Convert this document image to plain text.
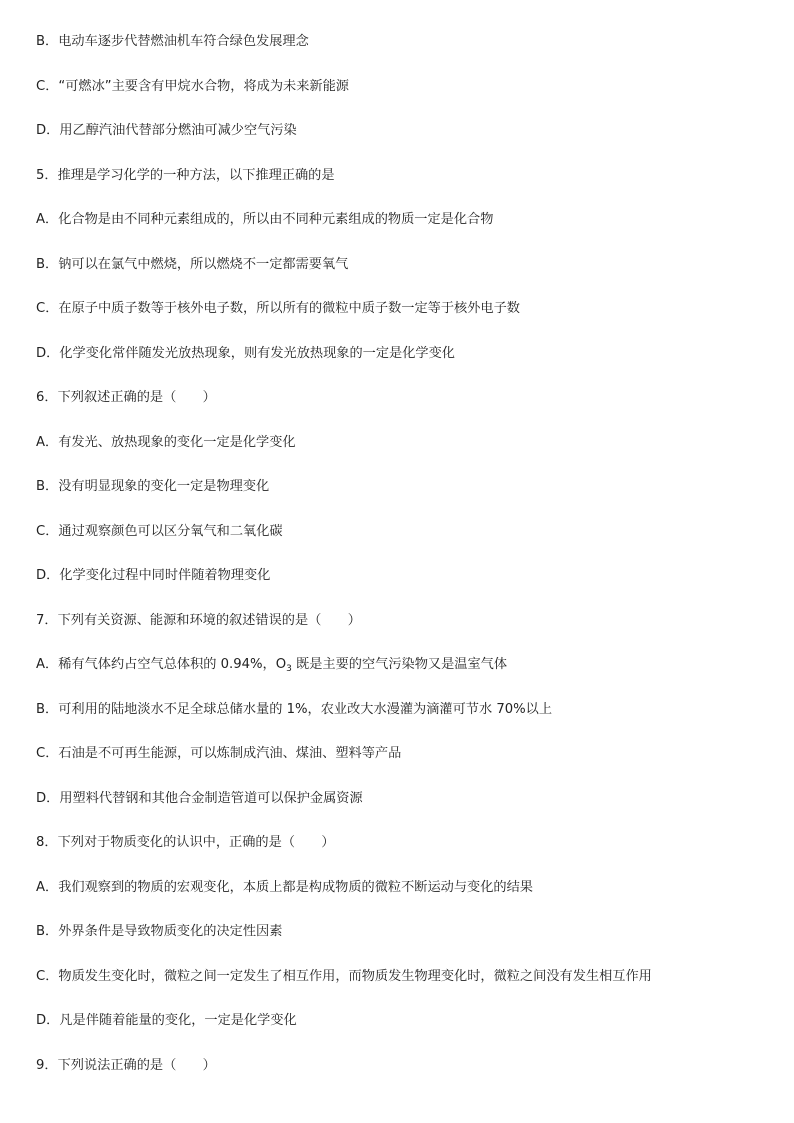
B．电动车逐步代替燃油机车符合绿色发展理念
C．“可燃冰”主要含有甲烷水合物，将成为未来新能源
D．用乙醇汽油代替部分燃油可减少空气污染
5．推理是学习化学的一种方法，以下推理正确的是
A．化合物是由不同种元素组成的，所以由不同种元素组成的物质一定是化合物
B．钠可以在氯气中燃烧，所以燃烧不一定都需要氧气
C．在原子中质子数等于核外电子数，所以所有的微粒中质子数一定等于核外电子数
D．化学变化常伴随发光放热现象，则有发光放热现象的一定是化学变化
6．下列叙述正确的是（　　）
A．有发光、放热现象的变化一定是化学变化
B．没有明显现象的变化一定是物理变化
C．通过观察颜色可以区分氧气和二氧化碳
D．化学变化过程中同时伴随着物理变化
7．下列有关资源、能源和环境的叙述错误的是（　　）
A．稀有气体约占空气总体积的 0.94%，$O_3$ 既是主要的空气污染物又是温室气体
B．可利用的陆地淡水不足全球总储水量的 1%，农业改大水漫灌为滴灌可节水 70%以上
C．石油是不可再生能源，可以炼制成汽油、煤油、塑料等产品
D．用塑料代替钢和其他合金制造管道可以保护金属资源
8．下列对于物质变化的认识中，正确的是（　　）
A．我们观察到的物质的宏观变化，本质上都是构成物质的微粒不断运动与变化的结果
B．外界条件是导致物质变化的决定性因素
C．物质发生变化时，微粒之间一定发生了相互作用，而物质发生物理变化时，微粒之间没有发生相互作用
D．凡是伴随着能量的变化，一定是化学变化
9．下列说法正确的是（　　）
